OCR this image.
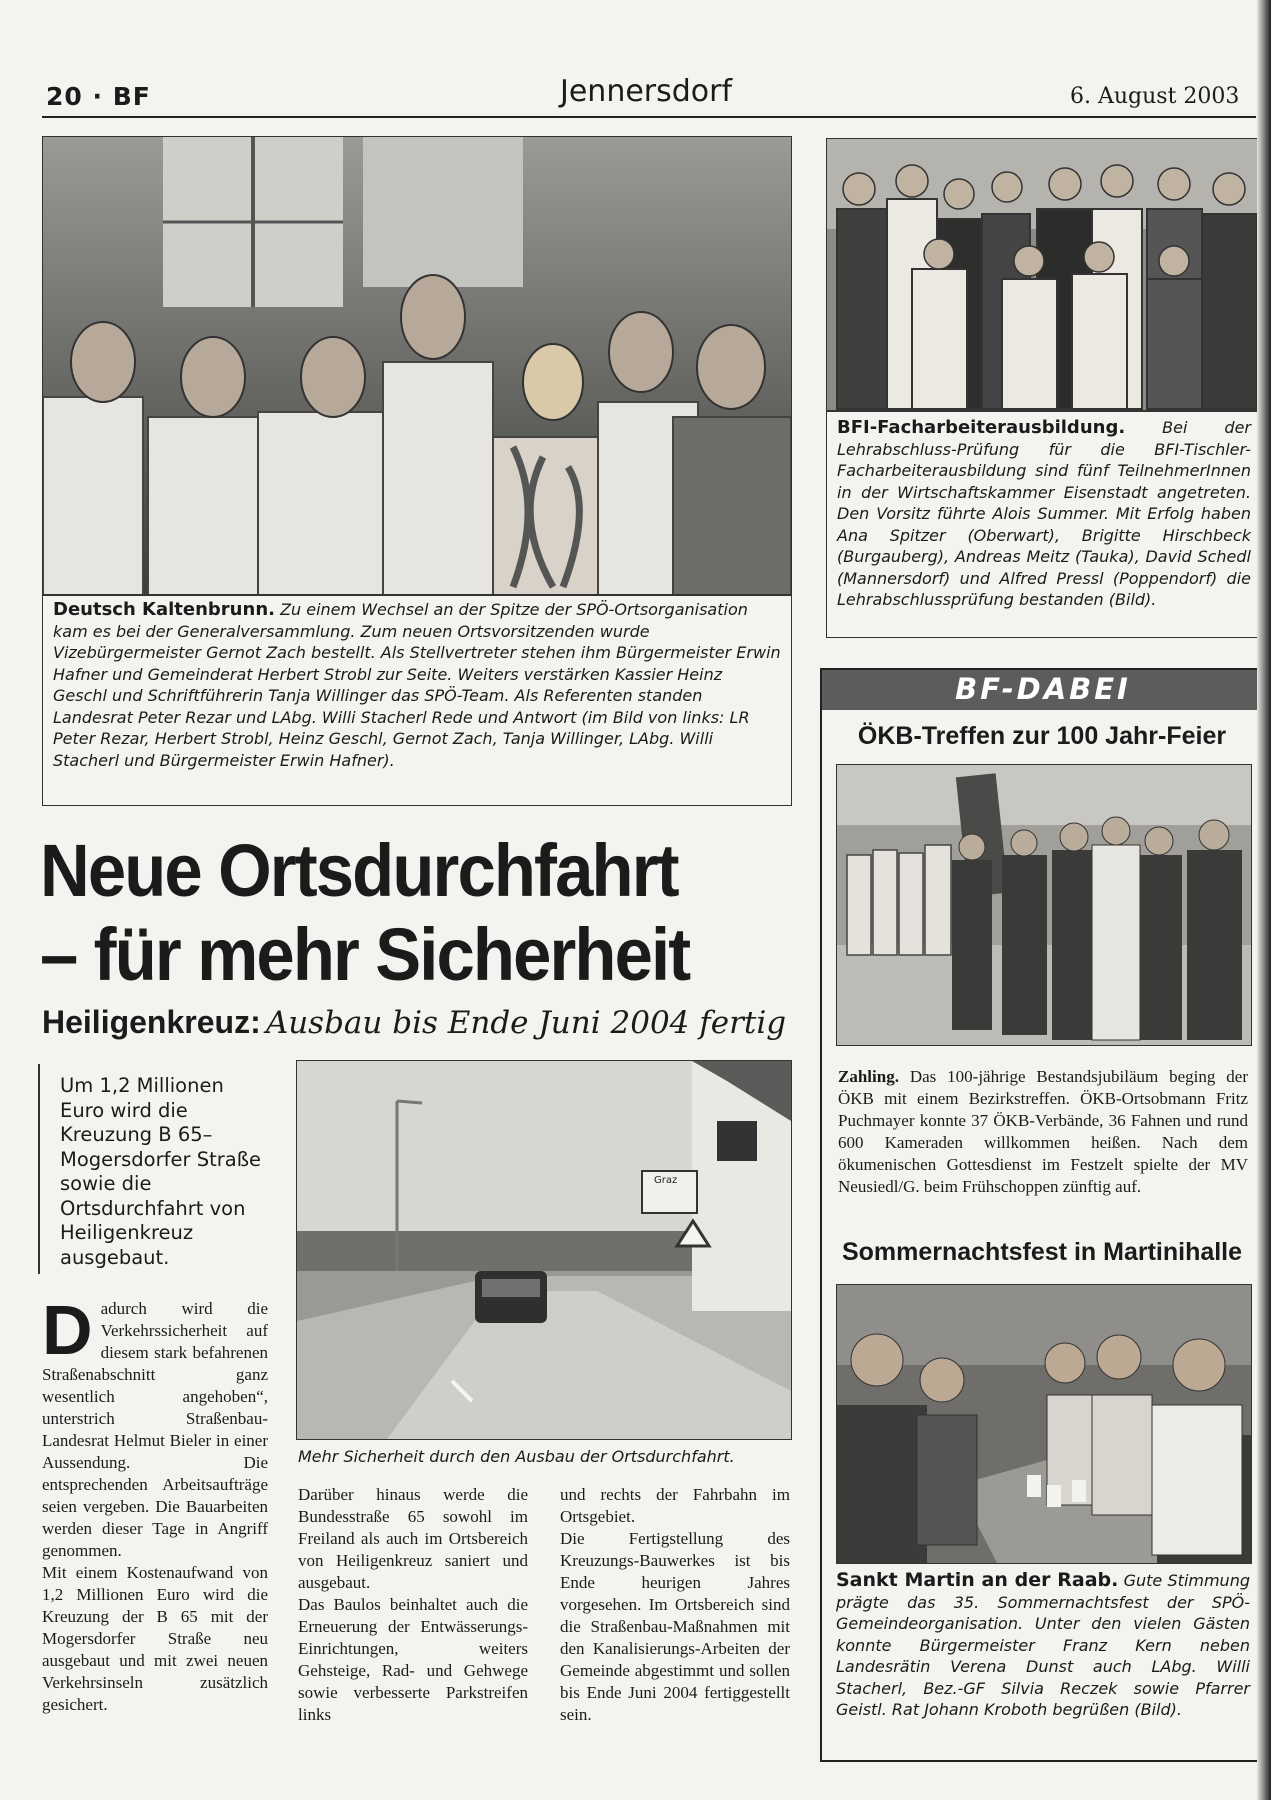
20 · BF	Jennersdorf	6. August 2003
Deutsch Kaltenbrunn. Zu einem Wechsel an der Spitze der SPÖ-Ortsorganisation kam es bei der Generalversammlung. Zum neuen Ortsvorsitzenden wurde Vizebürgermeister Gernot Zach bestellt. Als Stellvertreter stehen ihm Bürgermeister Erwin Hafner und Gemeinderat Herbert Strobl zur Seite. Weiters verstärken Kassier Heinz Geschl und Schriftführerin Tanja Willinger das SPÖ-Team. Als Referenten standen Landesrat Peter Rezar und LAbg. Willi Stacherl Rede und Antwort (im Bild von links: LR Peter Rezar, Herbert Strobl, Heinz Geschl, Gernot Zach, Tanja Willinger, LAbg. Willi Stacherl und Bürgermeister Erwin Hafner).
BFI-Facharbeiterausbildung. Bei der Lehrabschluss-Prüfung für die BFI-Tischler-Facharbeiterausbildung sind fünf TeilnehmerInnen in der Wirtschaftskammer Eisenstadt angetreten. Den Vorsitz führte Alois Summer. Mit Erfolg haben Ana Spitzer (Oberwart), Brigitte Hirschbeck (Burgauberg), Andreas Meitz (Tauka), David Schedl (Mannersdorf) und Alfred Pressl (Poppendorf) die Lehrabschlussprüfung bestanden (Bild).
BF-DABEI
ÖKB-Treffen zur 100 Jahr-Feier
Zahling. Das 100-jährige Bestandsjubiläum beging der ÖKB mit einem Bezirkstreffen. ÖKB-Ortsobmann Fritz Puchmayer konnte 37 ÖKB-Verbände, 36 Fahnen und rund 600 Kameraden willkommen heißen. Nach dem ökumenischen Gottesdienst im Festzelt spielte der MV Neusiedl/G. beim Frühschoppen zünftig auf.
Sommernachtsfest in Martinihalle
Sankt Martin an der Raab. Gute Stimmung prägte das 35. Sommernachtsfest der SPÖ-Gemeindeorganisation. Unter den vielen Gästen konnte Bürgermeister Franz Kern neben Landesrätin Verena Dunst auch LAbg. Willi Stacherl, Bez.-GF Silvia Reczek sowie Pfarrer Geistl. Rat Johann Kroboth begrüßen (Bild).
Neue Ortsdurchfahrt
– für mehr Sicherheit
Heiligenkreuz: Ausbau bis Ende Juni 2004 fertig
Um 1,2 Millionen Euro wird die Kreuzung B 65–Mogersdorfer Straße sowie die Ortsdurchfahrt von Heiligenkreuz ausgebaut.
Graz
Mehr Sicherheit durch den Ausbau der Ortsdurchfahrt.
D adurch wird die Verkehrssicherheit auf diesem stark befahrenen Straßenabschnitt ganz wesentlich angehoben“, unterstrich Straßenbau-Landesrat Helmut Bieler in einer Aussendung. Die entsprechenden Arbeitsaufträge seien vergeben. Die Bauarbeiten werden dieser Tage in Angriff genommen.

Mit einem Kostenaufwand von 1,2 Millionen Euro wird die Kreuzung der B 65 mit der Mogersdorfer Straße neu ausgebaut und mit zwei neuen Verkehrsinseln zusätzlich gesichert.

Darüber hinaus werde die Bundesstraße 65 sowohl im Freiland als auch im Ortsbereich von Heiligenkreuz saniert und ausgebaut.

Das Baulos beinhaltet auch die Erneuerung der Entwässerungs-Einrichtungen, weiters Gehsteige, Rad- und Gehwege sowie verbesserte Parkstreifen links

und rechts der Fahrbahn im Ortsgebiet.

Die Fertigstellung des Kreuzungs-Bauwerkes ist bis Ende heurigen Jahres vorgesehen. Im Ortsbereich sind die Straßenbau-Maßnahmen mit den Kanalisierungs-Arbeiten der Gemeinde abgestimmt und sollen bis Ende Juni 2004 fertiggestellt sein.
